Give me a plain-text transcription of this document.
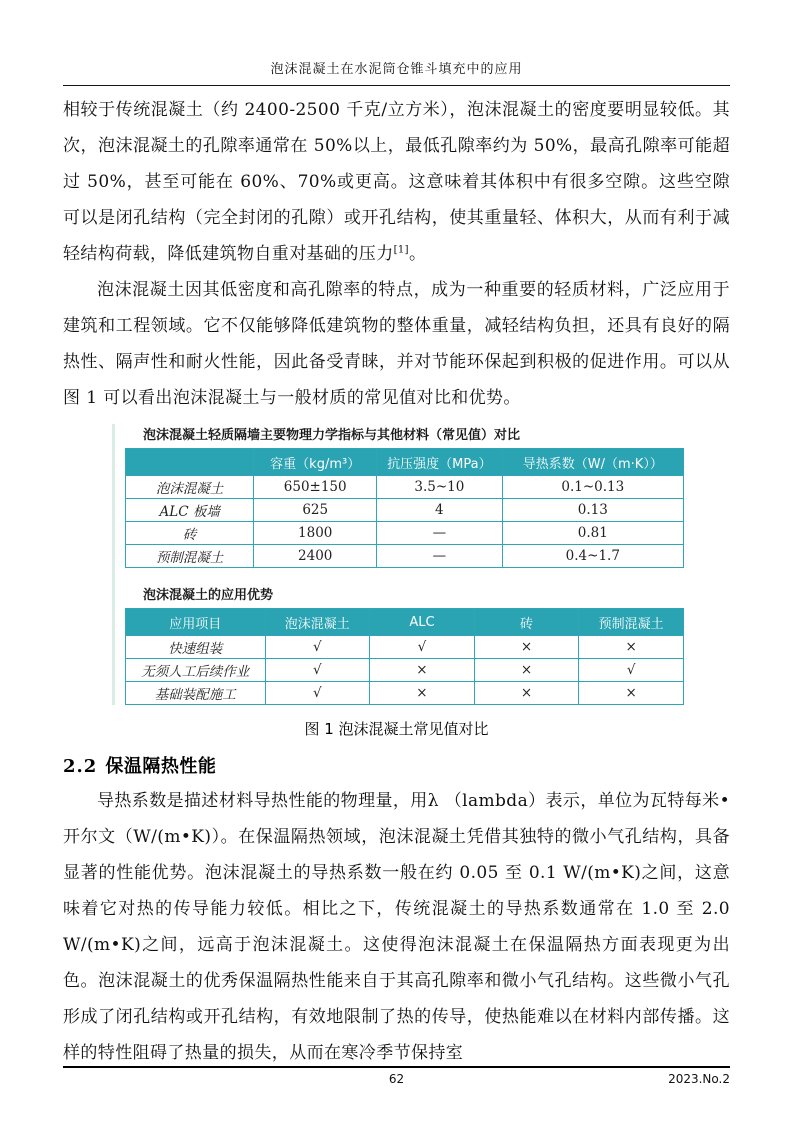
泡沫混凝土在水泥筒仓锥斗填充中的应用

相较于传统混凝土（约 2400-2500 千克/立方米），泡沫混凝土的密度要明显较低。其次，泡沫混凝土的孔隙率通常在 50%以上，最低孔隙率约为 50%，最高孔隙率可能超过 50%，甚至可能在 60%、70%或更高。这意味着其体积中有很多空隙。这些空隙可以是闭孔结构（完全封闭的孔隙）或开孔结构，使其重量轻、体积大，从而有利于减轻结构荷载，降低建筑物自重对基础的压力[1]。

泡沫混凝土因其低密度和高孔隙率的特点，成为一种重要的轻质材料，广泛应用于建筑和工程领域。它不仅能够降低建筑物的整体重量，减轻结构负担，还具有良好的隔热性、隔声性和耐火性能，因此备受青睐，并对节能环保起到积极的促进作用。可以从图 1 可以看出泡沫混凝土与一般材质的常见值对比和优势。

泡沫混凝土轻质隔墙主要物理力学指标与其他材料（常见值）对比
	容重（kg/m³）	抗压强度（MPa）	导热系数（W/（m·K））
泡沫混凝土	650±150	3.5~10	0.1~0.13
ALC 板墙	625	4	0.13
砖	1800	—	0.81
预制混凝土	2400	—	0.4~1.7
泡沫混凝土的应用优势
应用项目	泡沫混凝土	ALC	砖	预制混凝土
快速组装	√	√	×	×
无须人工后续作业	√	×	×	√
基础装配施工	√	×	×	×
图 1 泡沫混凝土常见值对比
2.2 保温隔热性能

导热系数是描述材料导热性能的物理量，用λ （lambda）表示，单位为瓦特每米•开尔文（W/(m•K)）。在保温隔热领域，泡沫混凝土凭借其独特的微小气孔结构，具备显著的性能优势。泡沫混凝土的导热系数一般在约 0.05 至 0.1 W/(m•K)之间，这意味着它对热的传导能力较低。相比之下，传统混凝土的导热系数通常在 1.0 至 2.0 W/(m•K)之间，远高于泡沫混凝土。这使得泡沫混凝土在保温隔热方面表现更为出色。泡沫混凝土的优秀保温隔热性能来自于其高孔隙率和微小气孔结构。这些微小气孔形成了闭孔结构或开孔结构，有效地限制了热的传导，使热能难以在材料内部传播。这样的特性阻碍了热量的损失，从而在寒冷季节保持室

62	2023.No.2
